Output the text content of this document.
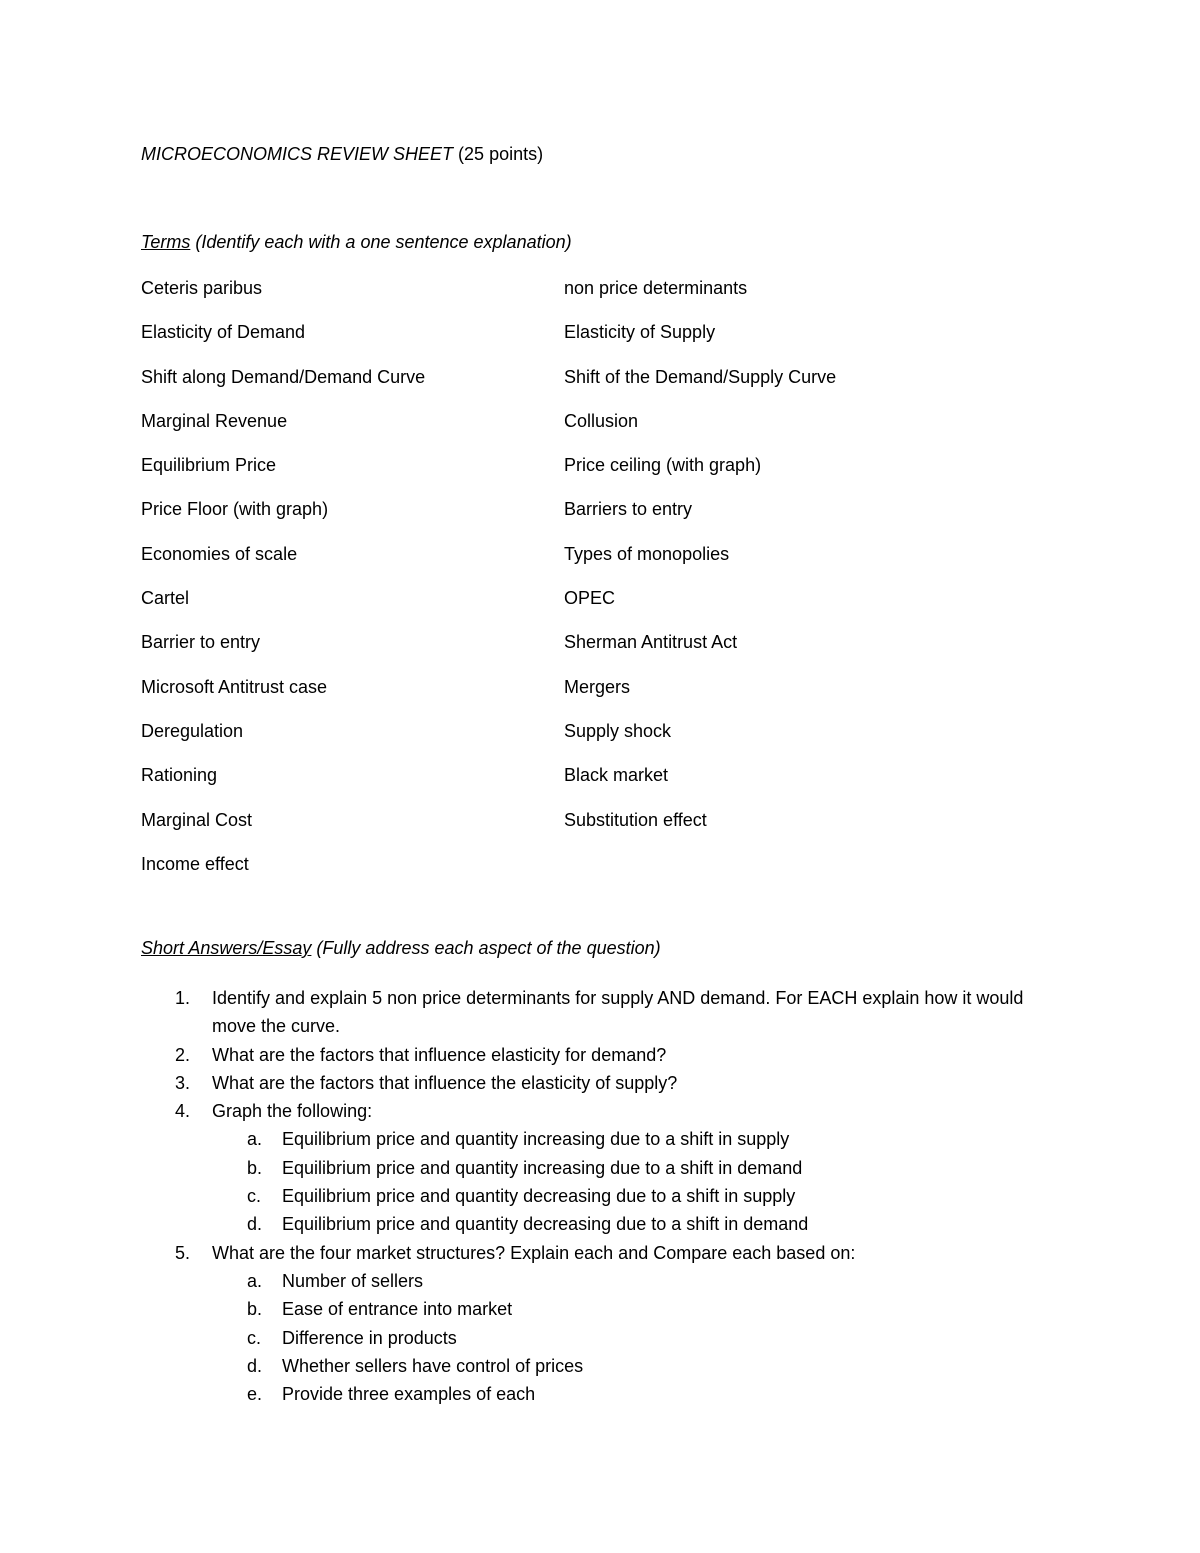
MICROECONOMICS REVIEW SHEET (25 points)
Terms (Identify each with a one sentence explanation)
Ceteris paribus	non price determinants
Elasticity of Demand	Elasticity of Supply
Shift along Demand/Demand Curve	Shift of the Demand/Supply Curve
Marginal Revenue	Collusion
Equilibrium Price	Price ceiling (with graph)
Price Floor (with graph)	Barriers to entry
Economies of scale	Types of monopolies
Cartel	OPEC
Barrier to entry	Sherman Antitrust Act
Microsoft Antitrust case	Mergers
Deregulation	Supply shock
Rationing	Black market
Marginal Cost	Substitution effect
Income effect
Short Answers/Essay (Fully address each aspect of the question)
1. Identify and explain 5 non price determinants for supply AND demand. For EACH explain how it would move the curve.
2. What are the factors that influence elasticity for demand?
3. What are the factors that influence the elasticity of supply?
4. Graph the following:
a. Equilibrium price and quantity increasing due to a shift in supply
b. Equilibrium price and quantity increasing due to a shift in demand
c. Equilibrium price and quantity decreasing due to a shift in supply
d. Equilibrium price and quantity decreasing due to a shift in demand
5. What are the four market structures? Explain each and Compare each based on:
a. Number of sellers
b. Ease of entrance into market
c. Difference in products
d. Whether sellers have control of prices
e. Provide three examples of each
